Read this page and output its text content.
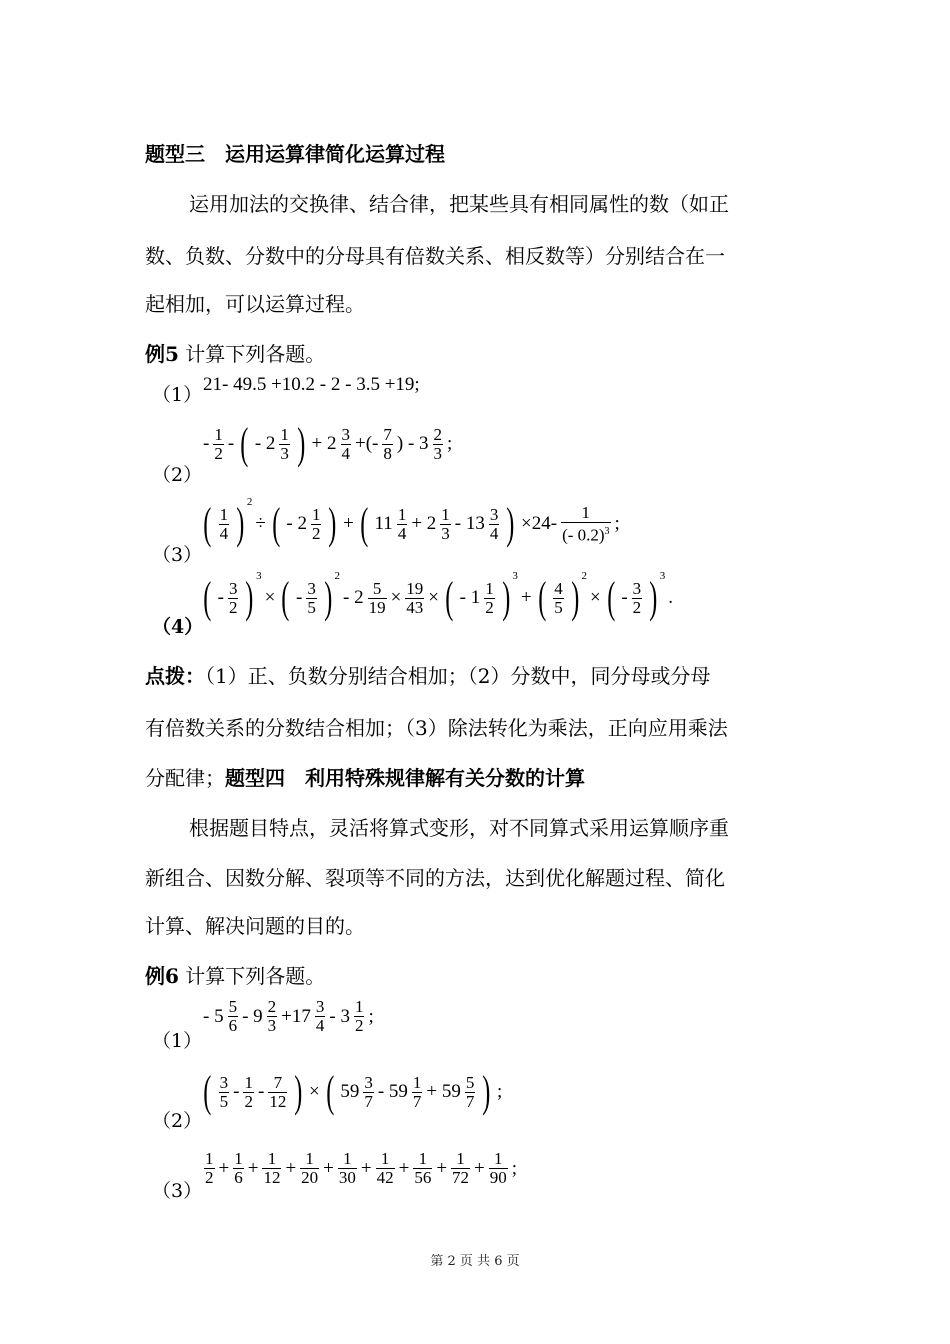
题型三　运用运算律简化运算过程
运用加法的交换律、结合律，把某些具有相同属性的数（如正
数、负数、分数中的分母具有倍数关系、相反数等）分别结合在一
起相加，可以运算过程。
例5 计算下列各题。
（1） 21- 49.5 +10.2 - 2 - 3.5 +19;
（2）
- $\frac{1}{2}$ - ( - $2 \frac{1}{3}$ ) + $2 \frac{3}{4}$ +(- $\frac{7}{8}$ ) - $3 \frac{2}{3}$ ;
（3）
( $\frac{1}{4}$ ) 2
÷ ( - $2 \frac{1}{2}$ ) + ( $11 \frac{1}{4} + 2 \frac{1}{3} - 13 \frac{3}{4}$ ) $\times 24- \frac{1}{(- 0.2)^3}$ ;
（4）
( - $\frac{3}{2}$ ) 3
× ( - $\frac{3}{5}$ ) 2
- $2 \frac{5}{19} \times \frac{19}{43}$ × ( - $1 \frac{1}{2}$ ) 3
+ ( $\frac{4}{5}$ ) 2
× ( - $\frac{3}{2}$ ) 3
.
点拨：（1）正、负数分别结合相加；（2）分数中，同分母或分母
有倍数关系的分数结合相加；（3）除法转化为乘法，正向应用乘法
分配律；题型四　利用特殊规律解有关分数的计算
根据题目特点，灵活将算式变形，对不同算式采用运算顺序重
新组合、因数分解、裂项等不同的方法，达到优化解题过程、简化
计算、解决问题的目的。
例6 计算下列各题。
（1）
- $5 \frac{5}{6} - 9 \frac{2}{3} +17 \frac{3}{4} - 3 \frac{1}{2}$ ;
（2）
( $\frac{3}{5} - \frac{1}{2} - \frac{7}{12}$ ) × ( $59 \frac{3}{7} - 59 \frac{1}{7} + 59 \frac{5}{7}$ ) ;
（3）
$\frac{1}{2} + \frac{1}{6} + \frac{1}{12} + \frac{1}{20} + \frac{1}{30} + \frac{1}{42} + \frac{1}{56} + \frac{1}{72} + \frac{1}{90}$ ;
第 2 页 共 6 页
